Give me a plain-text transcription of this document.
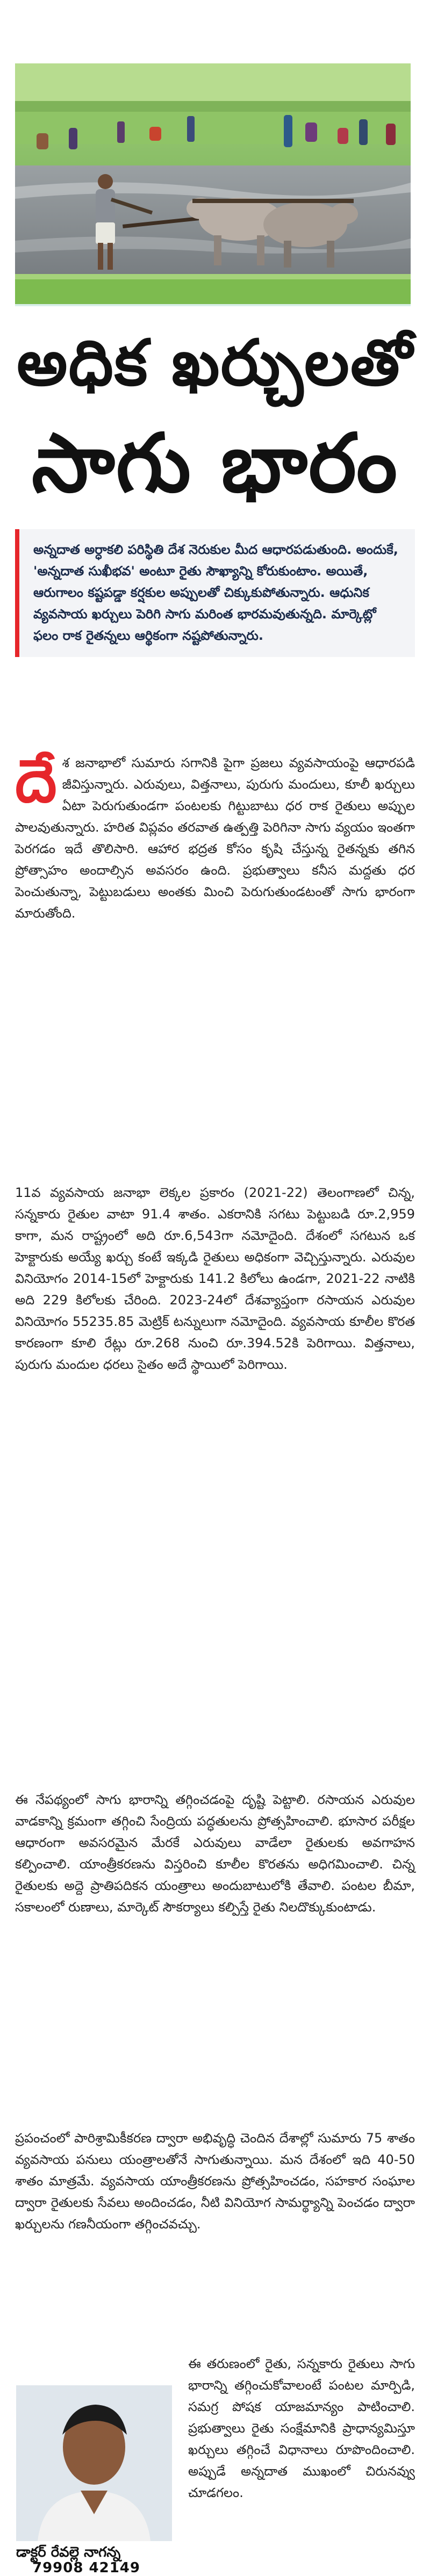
అధిక ఖర్చులతో
సాగు భారం
అన్నదాత అర్ధాకలి పరిస్థితి దేశ నెరుకుల మీద ఆధారపడుతుంది. అందుకే, 'అన్నదాత సుఖీభవ' అంటూ రైతు సౌఖ్యాన్ని కోరుకుంటాం. అయితే, ఆరుగాలం కష్టపడ్డా కర్షకుల అప్పులతో చిక్కుకుపోతున్నారు. ఆధునిక వ్యవసాయ ఖర్చులు పెరిగి సాగు మరింత భారమవుతున్నది. మార్కెట్లో ఫలం రాక రైతన్నలు ఆర్థికంగా నష్టపోతున్నారు.
దే శ జనాభాలో సుమారు సగానికి పైగా ప్రజలు వ్యవసాయంపై ఆధారపడి జీవిస్తున్నారు. ఎరువులు, విత్తనాలు, పురుగు మందులు, కూలీ ఖర్చులు ఏటా పెరుగుతుండగా పంటలకు గిట్టుబాటు ధర రాక రైతులు అప్పుల పాలవుతున్నారు. హరిత విప్లవం తరవాత ఉత్పత్తి పెరిగినా సాగు వ్యయం ఇంతగా పెరగడం ఇదే తొలిసారి. ఆహార భద్రత కోసం కృషి చేస్తున్న రైతన్నకు తగిన ప్రోత్సాహం అందాల్సిన అవసరం ఉంది. ప్రభుత్వాలు కనీస మద్దతు ధర పెంచుతున్నా, పెట్టుబడులు అంతకు మించి పెరుగుతుండటంతో సాగు భారంగా మారుతోంది.
11వ వ్యవసాయ జనాభా లెక్కల ప్రకారం (2021-22) తెలంగాణలో చిన్న, సన్నకారు రైతుల వాటా 91.4 శాతం. ఎకరానికి సగటు పెట్టుబడి రూ.2,959 కాగా, మన రాష్ట్రంలో అది రూ.6,543గా నమోదైంది. దేశంలో సగటున ఒక హెక్టారుకు అయ్యే ఖర్చు కంటే ఇక్కడి రైతులు అధికంగా వెచ్చిస్తున్నారు. ఎరువుల వినియోగం 2014-15లో హెక్టారుకు 141.2 కిలోలు ఉండగా, 2021-22 నాటికి అది 229 కిలోలకు చేరింది. 2023-24లో దేశవ్యాప్తంగా రసాయన ఎరువుల వినియోగం 55235.85 మెట్రిక్ టన్నులుగా నమోదైంది. వ్యవసాయ కూలీల కొరత కారణంగా కూలి రేట్లు రూ.268 నుంచి రూ.394.52కి పెరిగాయి. విత్తనాలు, పురుగు మందుల ధరలు సైతం అదే స్థాయిలో పెరిగాయి.
ఈ నేపథ్యంలో సాగు భారాన్ని తగ్గించడంపై దృష్టి పెట్టాలి. రసాయన ఎరువుల వాడకాన్ని క్రమంగా తగ్గించి సేంద్రియ పద్ధతులను ప్రోత్సహించాలి. భూసార పరీక్షల ఆధారంగా అవసరమైన మేరకే ఎరువులు వాడేలా రైతులకు అవగాహన కల్పించాలి. యాంత్రీకరణను విస్తరించి కూలీల కొరతను అధిగమించాలి. చిన్న రైతులకు అద్దె ప్రాతిపదికన యంత్రాలు అందుబాటులోకి తేవాలి. పంటల బీమా, సకాలంలో రుణాలు, మార్కెట్ సౌకర్యాలు కల్పిస్తే రైతు నిలదొక్కుకుంటాడు.
ప్రపంచంలో పారిశ్రామికీకరణ ద్వారా అభివృద్ధి చెందిన దేశాల్లో సుమారు 75 శాతం వ్యవసాయ పనులు యంత్రాలతోనే సాగుతున్నాయి. మన దేశంలో ఇది 40-50 శాతం మాత్రమే. వ్యవసాయ యాంత్రీకరణను ప్రోత్సహించడం, సహకార సంఘాల ద్వారా రైతులకు సేవలు అందించడం, నీటి వినియోగ సామర్థ్యాన్ని పెంచడం ద్వారా ఖర్చులను గణనీయంగా తగ్గించవచ్చు.
ఈ తరుణంలో రైతు, సన్నకారు రైతులు సాగు భారాన్ని తగ్గించుకోవాలంటే పంటల మార్పిడి, సమగ్ర పోషక యాజమాన్యం పాటించాలి. ప్రభుత్వాలు రైతు సంక్షేమానికి ప్రాధాన్యమిస్తూ ఖర్చులు తగ్గించే విధానాలు రూపొందించాలి. అప్పుడే అన్నదాత ముఖంలో చిరునవ్వు చూడగలం.
డాక్టర్ రేవల్లె నాగన్న
79908 42149
